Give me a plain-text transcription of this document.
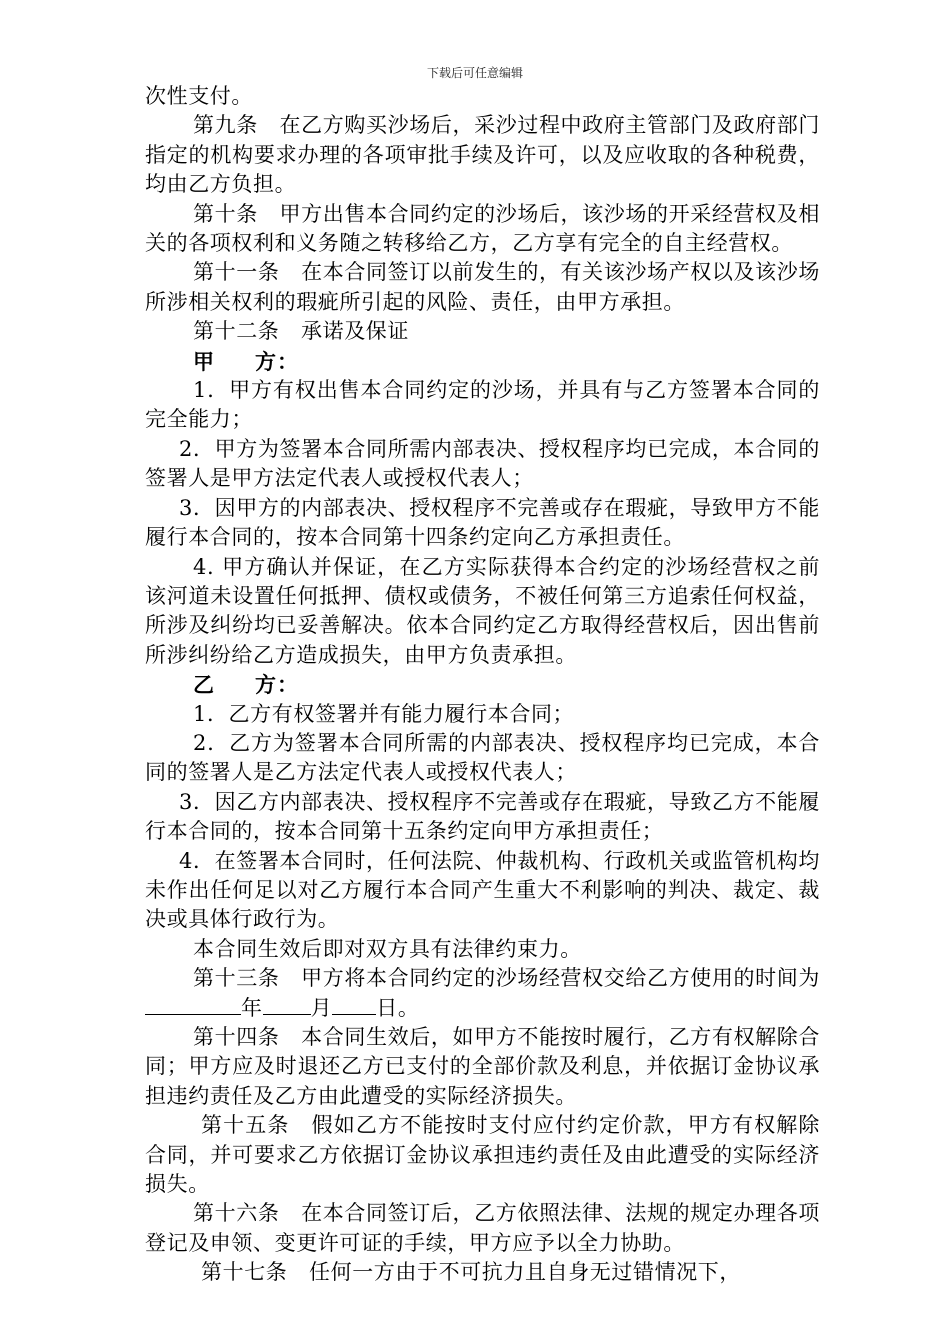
下载后可任意编辑

次性支付。

第九条　在乙方购买沙场后，采沙过程中政府主管部门及政府部门指定的机构要求办理的各项审批手续及许可，以及应收取的各种税费，均由乙方负担。

第十条　甲方出售本合同约定的沙场后，该沙场的开采经营权及相关的各项权利和义务随之转移给乙方，乙方享有完全的自主经营权。

第十一条　在本合同签订以前发生的，有关该沙场产权以及该沙场所涉相关权利的瑕疵所引起的风险、责任，由甲方承担。

第十二条　承诺及保证

甲 方：

1．甲方有权出售本合同约定的沙场，并具有与乙方签署本合同的完全能力；

2．甲方为签署本合同所需内部表决、授权程序均已完成，本合同的签署人是甲方法定代表人或授权代表人；

3．因甲方的内部表决、授权程序不完善或存在瑕疵，导致甲方不能履行本合同的，按本合同第十四条约定向乙方承担责任。

4. 甲方确认并保证，在乙方实际获得本合约定的沙场经营权之前该河道未设置任何抵押、债权或债务，不被任何第三方追索任何权益，所涉及纠纷均已妥善解决。依本合同约定乙方取得经营权后，因出售前所涉纠纷给乙方造成损失，由甲方负责承担。

乙 方：

1．乙方有权签署并有能力履行本合同；

2．乙方为签署本合同所需的内部表决、授权程序均已完成，本合同的签署人是乙方法定代表人或授权代表人；

3．因乙方内部表决、授权程序不完善或存在瑕疵，导致乙方不能履行本合同的，按本合同第十五条约定向甲方承担责任；

4．在签署本合同时，任何法院、仲裁机构、行政机关或监管机构均未作出任何足以对乙方履行本合同产生重大不利影响的判决、裁定、裁决或具体行政行为。

本合同生效后即对双方具有法律约束力。

第十三条　甲方将本合同约定的沙场经营权交给乙方使用的时间为年 月 日。

第十四条　本合同生效后，如甲方不能按时履行，乙方有权解除合同；甲方应及时退还乙方已支付的全部价款及利息，并依据订金协议承担违约责任及乙方由此遭受的实际经济损失。

第十五条　假如乙方不能按时支付应付约定价款，甲方有权解除合同，并可要求乙方依据订金协议承担违约责任及由此遭受的实际经济损失。

第十六条　在本合同签订后，乙方依照法律、法规的规定办理各项登记及申领、变更许可证的手续，甲方应予以全力协助。

第十七条　任何一方由于不可抗力且自身无过错情况下，
